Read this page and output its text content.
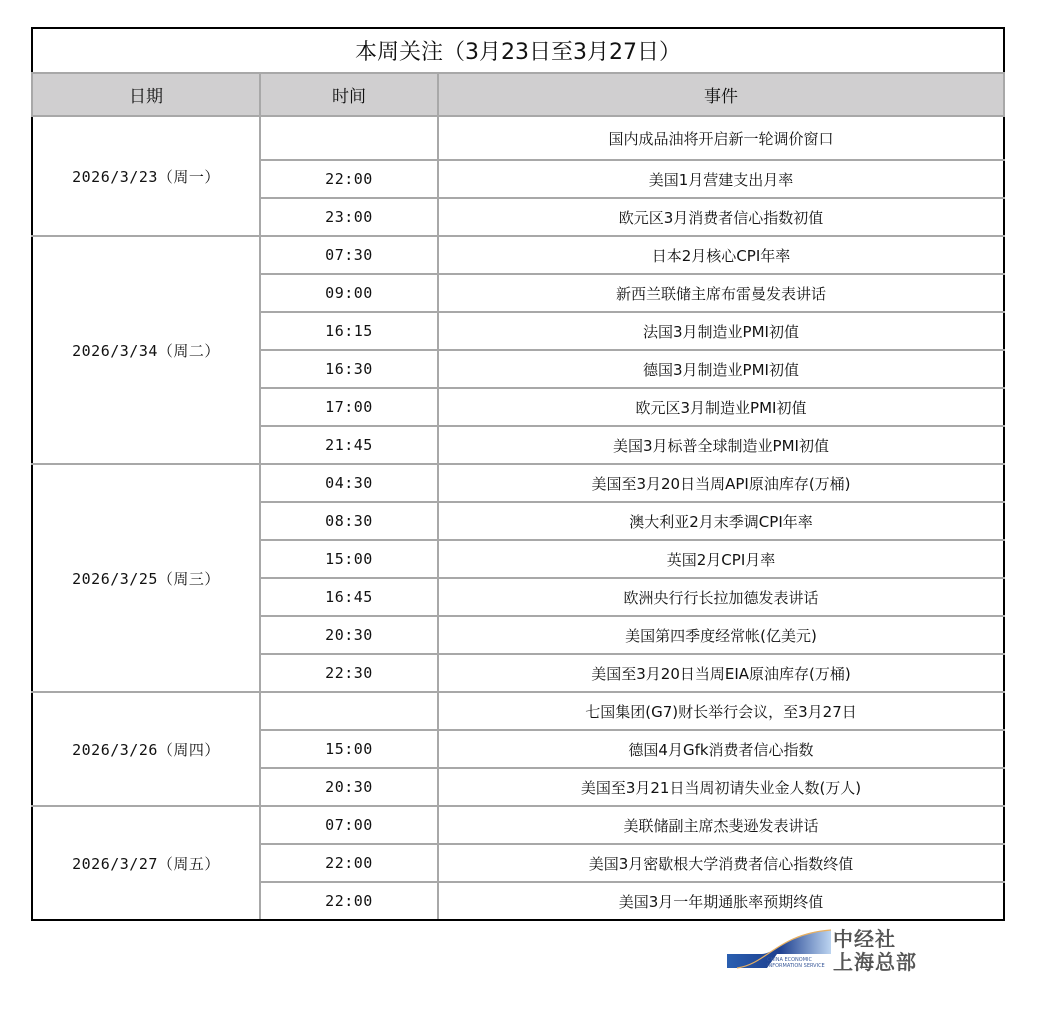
本周关注（3月23日至3月27日）		
日期	时间	事件
2026/3/23（周一）		国内成品油将开启新一轮调价窗口
	22:00	美国1月营建支出月率
	23:00	欧元区3月消费者信心指数初值
2026/3/34（周二）	07:30	日本2月核心CPI年率
	09:00	新西兰联储主席布雷曼发表讲话
	16:15	法国3月制造业PMI初值
	16:30	德国3月制造业PMI初值
	17:00	欧元区3月制造业PMI初值
	21:45	美国3月标普全球制造业PMI初值
2026/3/25（周三）	04:30	美国至3月20日当周API原油库存(万桶)
	08:30	澳大利亚2月末季调CPI年率
	15:00	英国2月CPI月率
	16:45	欧洲央行行长拉加德发表讲话
	20:30	美国第四季度经常帐(亿美元)
	22:30	美国至3月20日当周EIA原油库存(万桶)
2026/3/26（周四）		七国集团(G7)财长举行会议，至3月27日
	15:00	德国4月Gfk消费者信心指数
	20:30	美国至3月21日当周初请失业金人数(万人)
2026/3/27（周五）	07:00	美联储副主席杰斐逊发表讲话
	22:00	美国3月密歇根大学消费者信心指数终值
	22:00	美国3月一年期通胀率预期终值
CHINA ECONOMIC
INFORMATION SERVICE
中经社
上海总部
